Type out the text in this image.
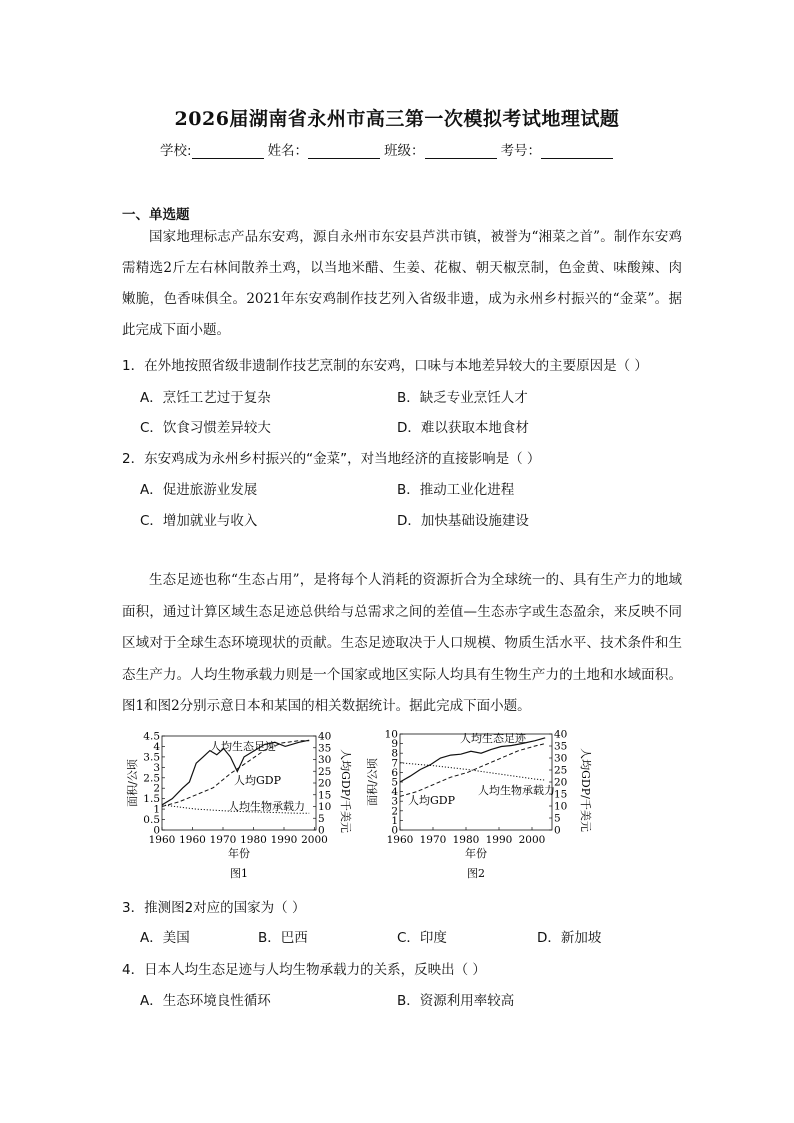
2026届湖南省永州市高三第一次模拟考试地理试题
学校:	姓名：	班级：	考号：
一、单选题
国家地理标志产品东安鸡，源自永州市东安县芦洪市镇，被誉为“湘菜之首”。制作东安鸡需精选2斤左右林间散养土鸡，以当地米醋、生姜、花椒、朝天椒烹制，色金黄、味酸辣、肉嫩脆，色香味俱全。2021年东安鸡制作技艺列入省级非遗，成为永州乡村振兴的“金菜”。据此完成下面小题。
1．在外地按照省级非遗制作技艺烹制的东安鸡，口味与本地差异较大的主要原因是（ ）
A．烹饪工艺过于复杂	B．缺乏专业烹饪人才
C．饮食习惯差异较大	D．难以获取本地食材
2．东安鸡成为永州乡村振兴的“金菜”，对当地经济的直接影响是（ ）
A．促进旅游业发展	B．推动工业化进程
C．增加就业与收入	D．加快基础设施建设
生态足迹也称“生态占用”，是将每个人消耗的资源折合为全球统一的、具有生产力的地域面积，通过计算区域生态足迹总供给与总需求之间的差值—生态赤字或生态盈余，来反映不同区域对于全球生态环境现状的贡献。生态足迹取决于人口规模、物质生活水平、技术条件和生态生产力。人均生物承载力则是一个国家或地区实际人均具有生物生产力的土地和水域面积。图1和图2分别示意日本和某国的相关数据统计。据此完成下面小题。
0
0.5
1
1.5
2
2.5
3
3.5
4
4.5
0
5
10
15
20
25
30
35
40
1960 1960 1970 1980 1990 2000
年份
面积/公顷	人均GDP/千美元
图1
人均生态足迹
人均GDP
人均生物承载力
0
1
2
3
4
5
6
7
8
9
10
0
5
10
15
20
25
30
35
40
1960 1970 1980 1990 2000
年份
面积/公顷	人均GDP/千美元
图2
人均生态足迹
人均GDP
人均生物承载力
3．推测图2对应的国家为（ ）
A．美国	B．巴西	C．印度	D．新加坡
4．日本人均生态足迹与人均生物承载力的关系，反映出（ ）
A．生态环境良性循环	B．资源利用率较高
